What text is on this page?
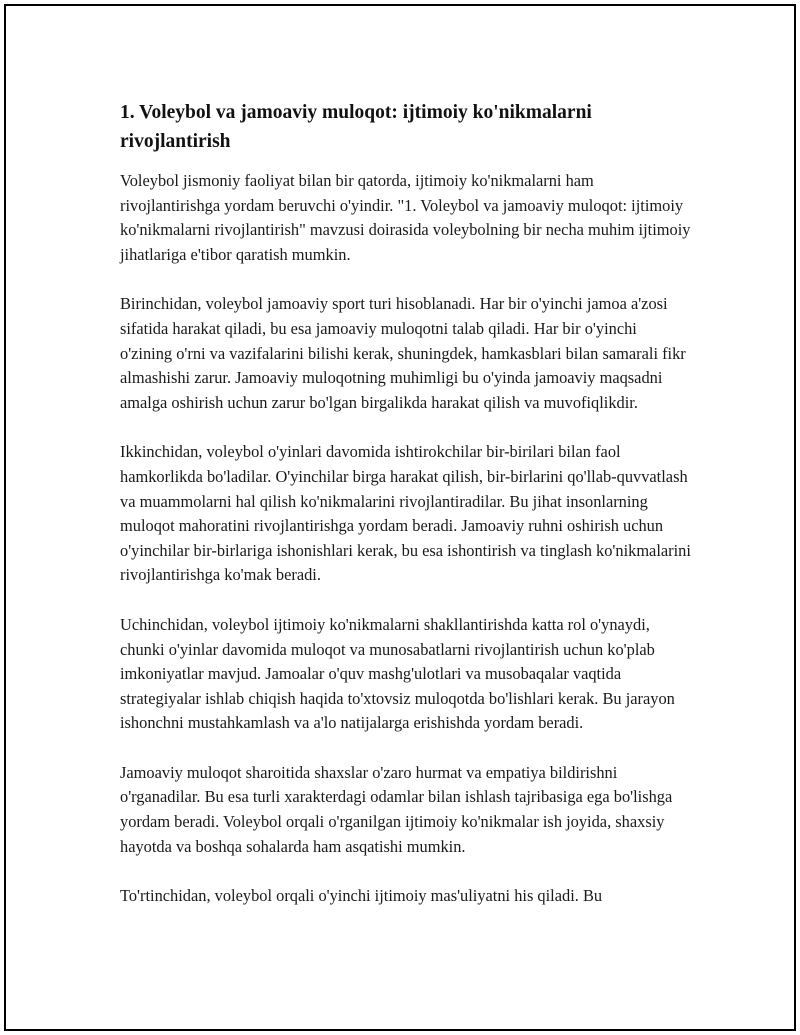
1. Voleybol va jamoaviy muloqot: ijtimoiy ko'nikmalarni rivojlantirish

Voleybol jismoniy faoliyat bilan bir qatorda, ijtimoiy ko'nikmalarni ham rivojlantirishga yordam beruvchi o'yindir. "1. Voleybol va jamoaviy muloqot: ijtimoiy ko'nikmalarni rivojlantirish" mavzusi doirasida voleybolning bir necha muhim ijtimoiy jihatlariga e'tibor qaratish mumkin.

Birinchidan, voleybol jamoaviy sport turi hisoblanadi. Har bir o'yinchi jamoa a'zosi sifatida harakat qiladi, bu esa jamoaviy muloqotni talab qiladi. Har bir o'yinchi o'zining o'rni va vazifalarini bilishi kerak, shuningdek, hamkasblari bilan samarali fikr almashishi zarur. Jamoaviy muloqotning muhimligi bu o'yinda jamoaviy maqsadni amalga oshirish uchun zarur bo'lgan birgalikda harakat qilish va muvofiqlikdir.

Ikkinchidan, voleybol o'yinlari davomida ishtirokchilar bir-birilari bilan faol hamkorlikda bo'ladilar. O'yinchilar birga harakat qilish, bir-birlarini qo'llab-quvvatlash va muammolarni hal qilish ko'nikmalarini rivojlantiradilar. Bu jihat insonlarning muloqot mahoratini rivojlantirishga yordam beradi. Jamoaviy ruhni oshirish uchun o'yinchilar bir-birlariga ishonishlari kerak, bu esa ishontirish va tinglash ko'nikmalarini rivojlantirishga ko'mak beradi.

Uchinchidan, voleybol ijtimoiy ko'nikmalarni shakllantirishda katta rol o'ynaydi, chunki o'yinlar davomida muloqot va munosabatlarni rivojlantirish uchun ko'plab imkoniyatlar mavjud. Jamoalar o'quv mashg'ulotlari va musobaqalar vaqtida strategiyalar ishlab chiqish haqida to'xtovsiz muloqotda bo'lishlari kerak. Bu jarayon ishonchni mustahkamlash va a'lo natijalarga erishishda yordam beradi.

Jamoaviy muloqot sharoitida shaxslar o'zaro hurmat va empatiya bildirishni o'rganadilar. Bu esa turli xarakterdagi odamlar bilan ishlash tajribasiga ega bo'lishga yordam beradi. Voleybol orqali o'rganilgan ijtimoiy ko'nikmalar ish joyida, shaxsiy hayotda va boshqa sohalarda ham asqatishi mumkin.

To'rtinchidan, voleybol orqali o'yinchi ijtimoiy mas'uliyatni his qiladi. Bu
